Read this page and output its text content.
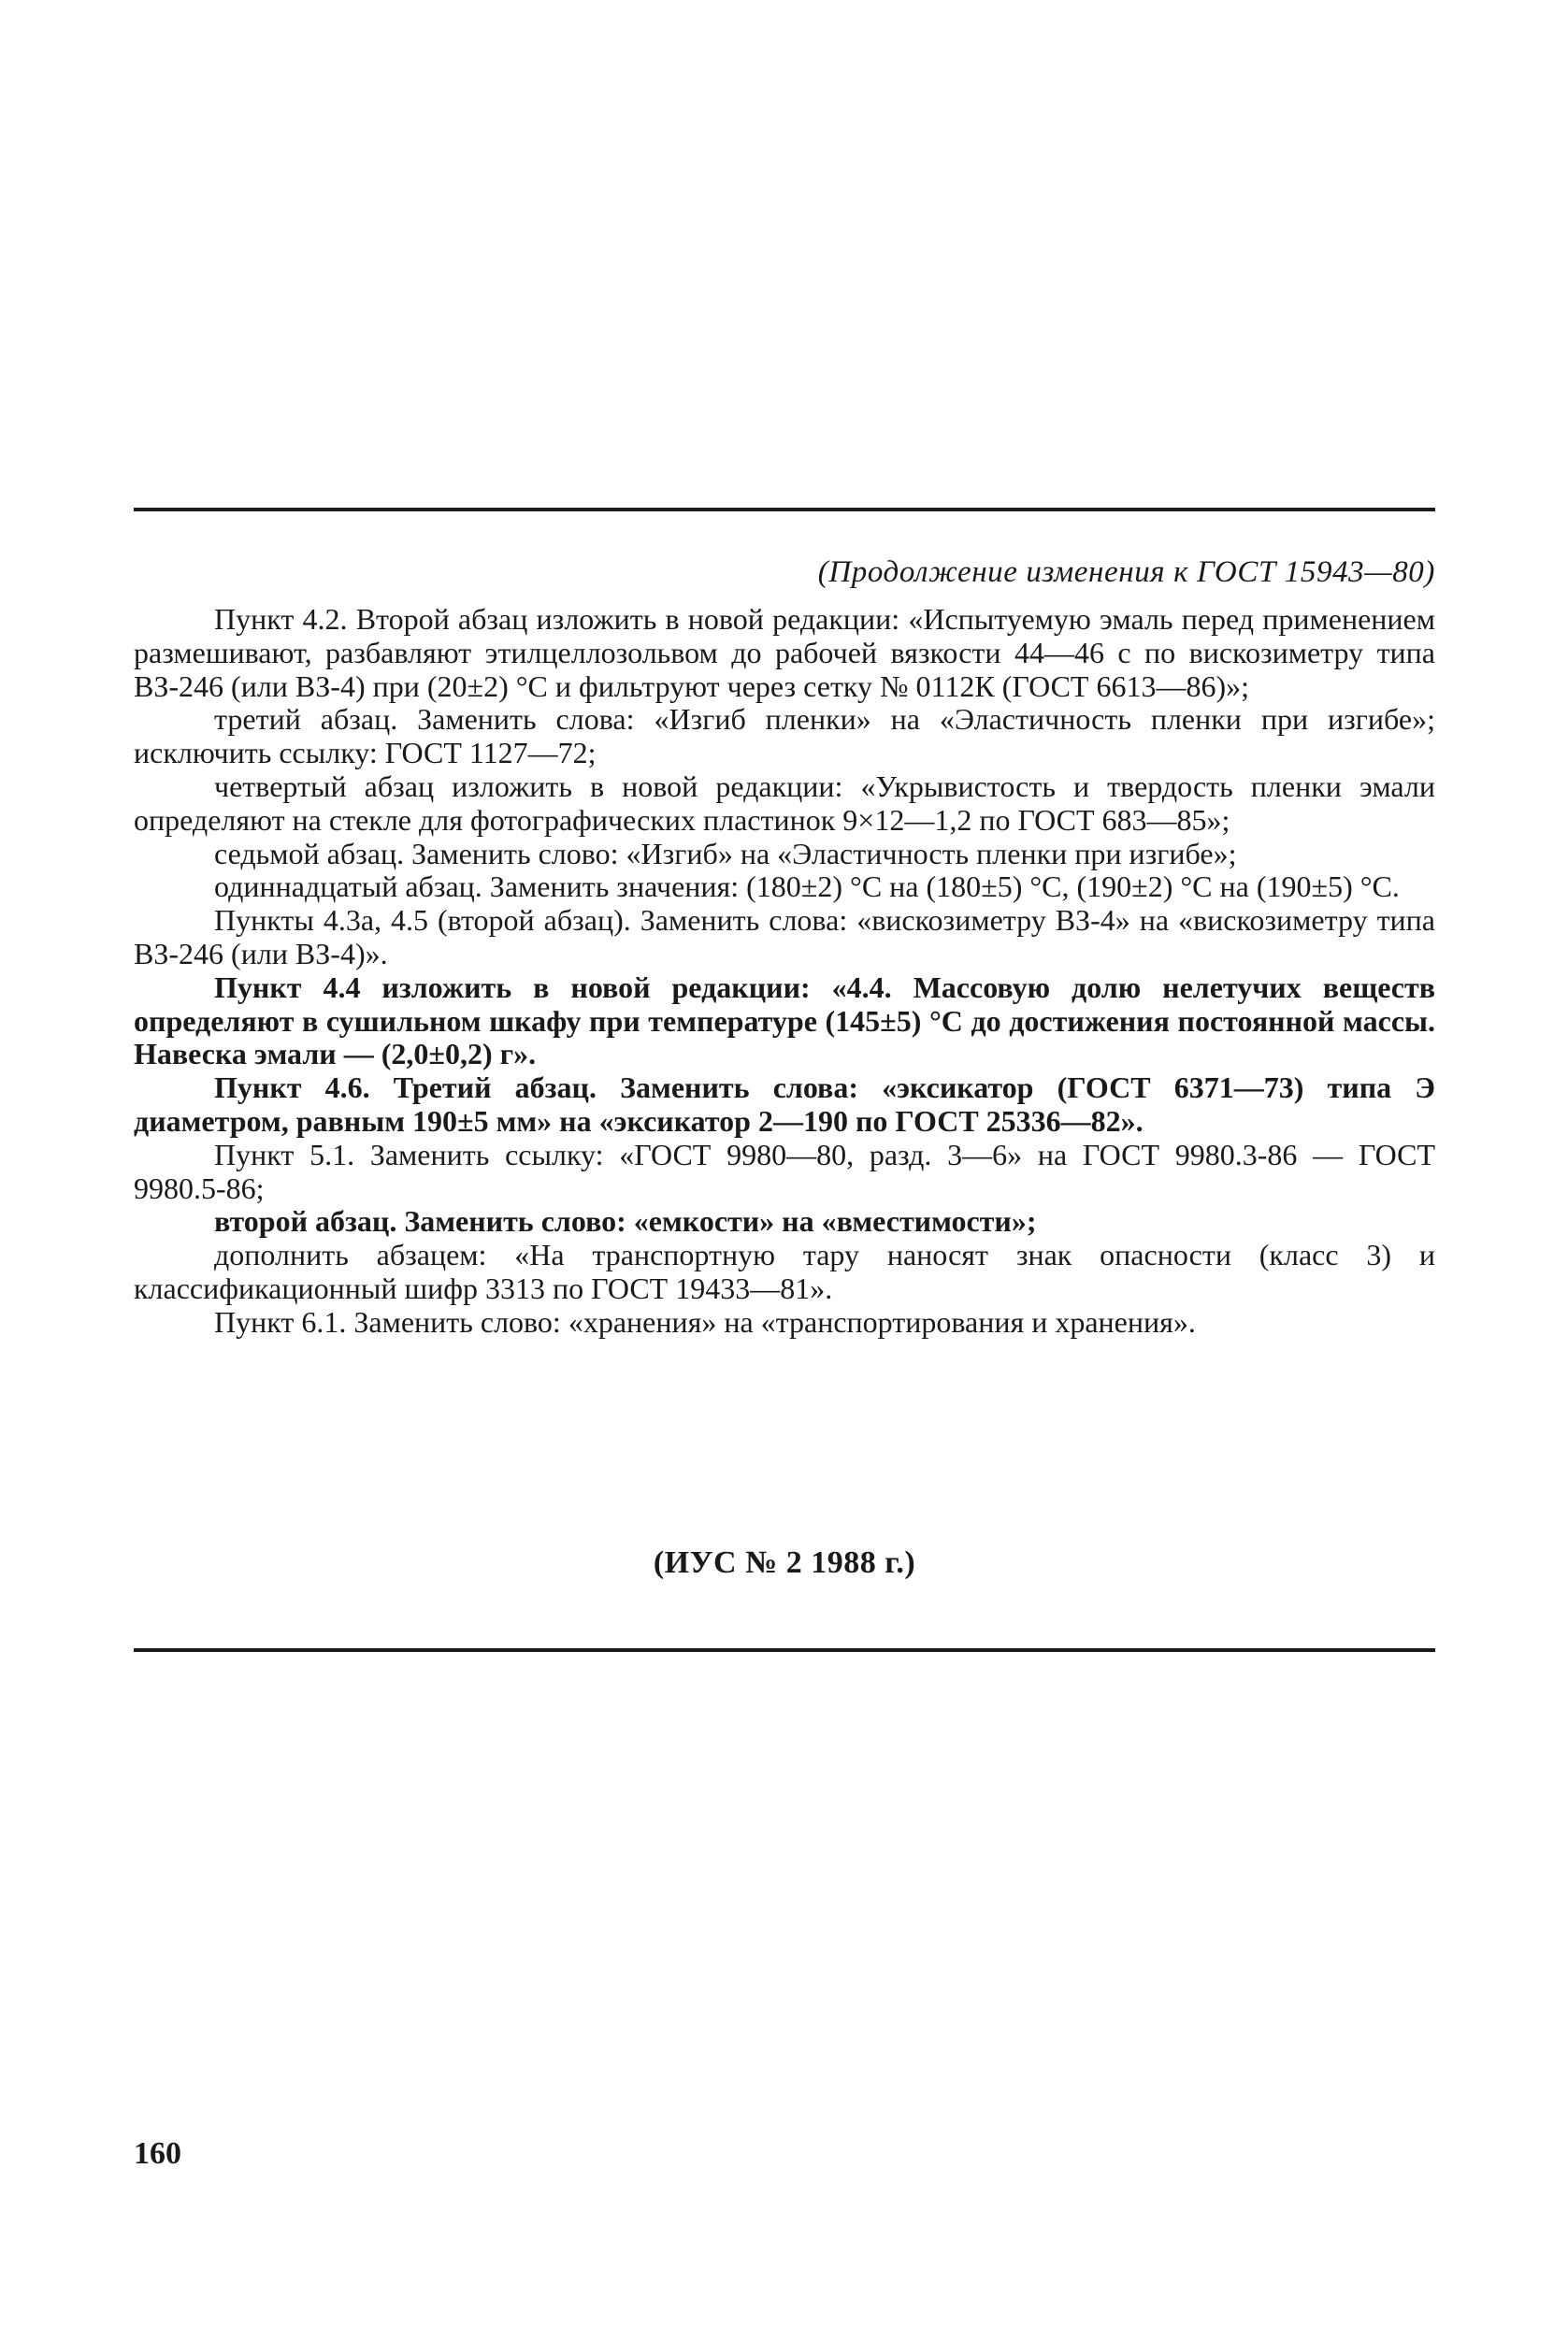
(Продолжение изменения к ГОСТ 15943—80)

Пункт 4.2. Второй абзац изложить в новой редакции: «Испытуемую эмаль перед применением размешивают, разбавляют этилцеллозольвом до рабочей вязкости 44—46 с по вискозиметру типа ВЗ-246 (или ВЗ-4) при (20±2) °С и фильтруют через сетку № 0112К (ГОСТ 6613—86)»;

третий абзац. Заменить слова: «Изгиб пленки» на «Эластичность пленки при изгибе»; исключить ссылку: ГОСТ 1127—72;

четвертый абзац изложить в новой редакции: «Укрывистость и твердость пленки эмали определяют на стекле для фотографических пластинок 9×12—1,2 по ГОСТ 683—85»;

седьмой абзац. Заменить слово: «Изгиб» на «Эластичность пленки при изгибе»;

одиннадцатый абзац. Заменить значения: (180±2) °С на (180±5) °С, (190±2) °С на (190±5) °С.

Пункты 4.3а, 4.5 (второй абзац). Заменить слова: «вискозиметру ВЗ-4» на «вискозиметру типа ВЗ-246 (или ВЗ-4)».

Пункт 4.4 изложить в новой редакции: «4.4. Массовую долю нелетучих веществ определяют в сушильном шкафу при температуре (145±5) °С до достижения постоянной массы. Навеска эмали — (2,0±0,2) г».

Пункт 4.6. Третий абзац. Заменить слова: «эксикатор (ГОСТ 6371—73) типа Э диаметром, равным 190±5 мм» на «эксикатор 2—190 по ГОСТ 25336—82».

Пункт 5.1. Заменить ссылку: «ГОСТ 9980—80, разд. 3—6» на ГОСТ 9980.3-86 — ГОСТ 9980.5-86;

второй абзац. Заменить слово: «емкости» на «вместимости»;

дополнить абзацем: «На транспортную тару наносят знак опасности (класс 3) и классификационный шифр 3313 по ГОСТ 19433—81».

Пункт 6.1. Заменить слово: «хранения» на «транспортирования и хранения».

(ИУС № 2 1988 г.)
160
